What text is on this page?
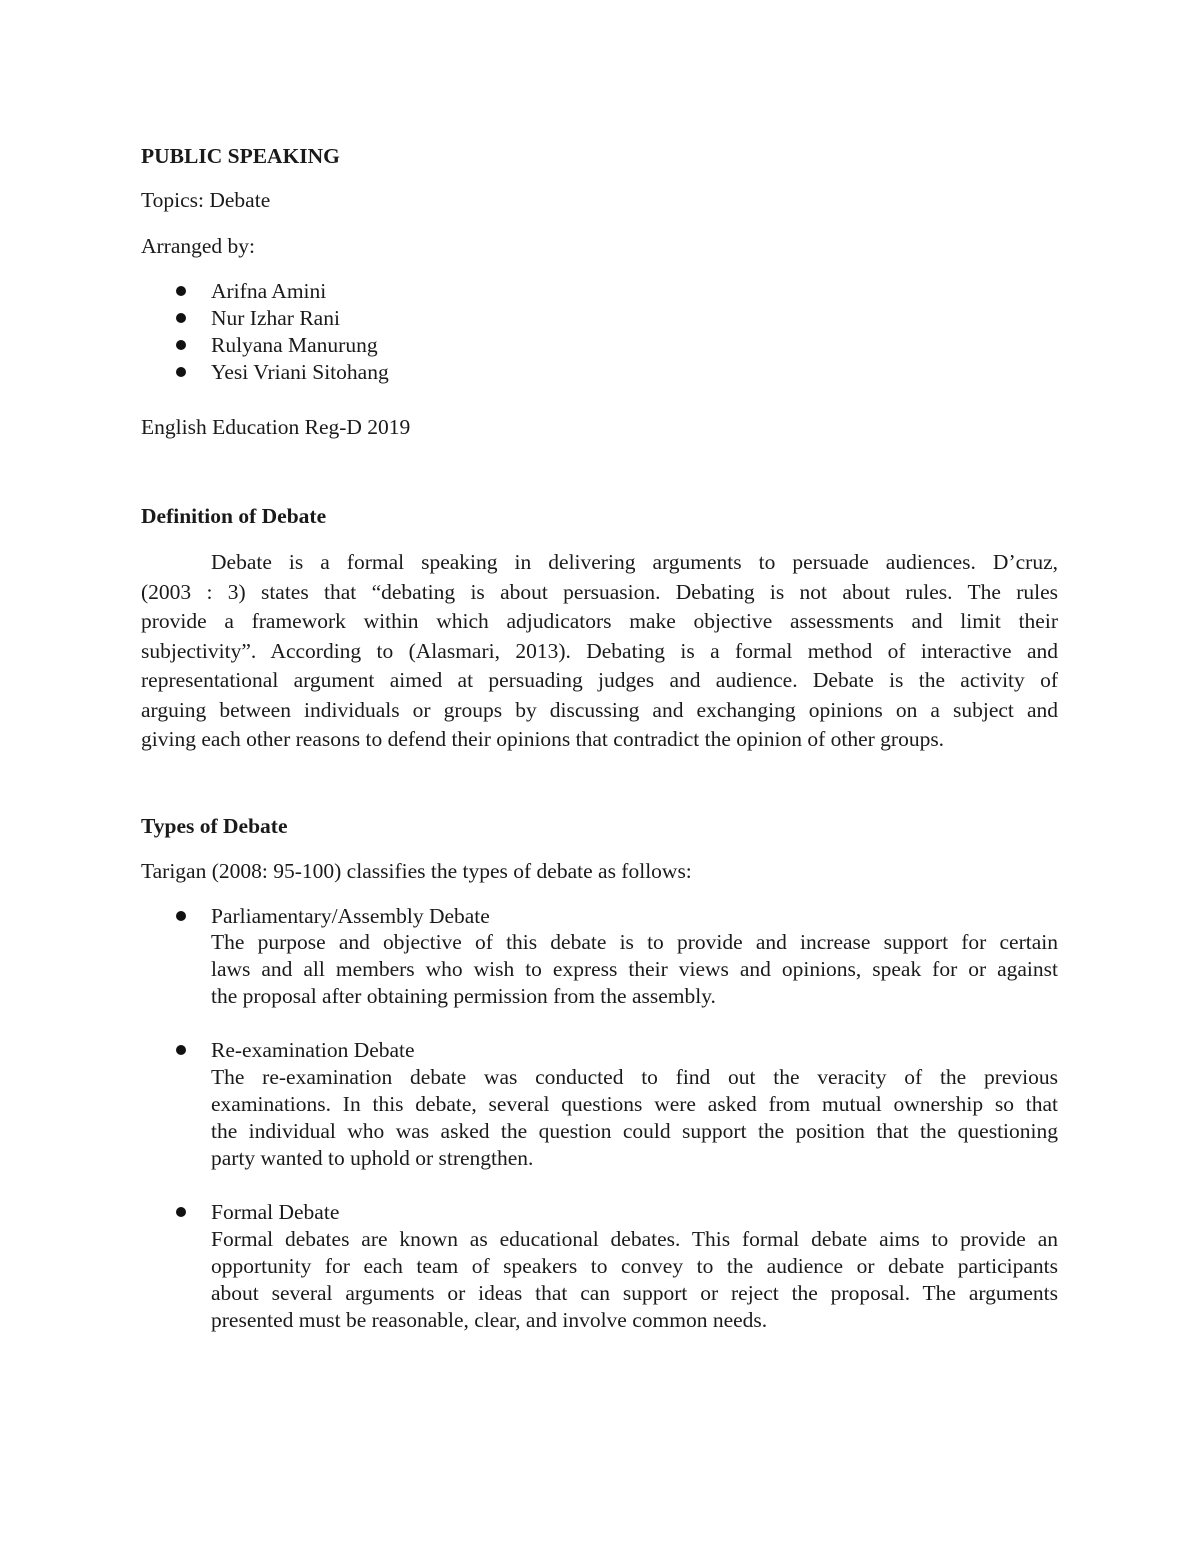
PUBLIC SPEAKING

Topics: Debate

Arranged by:

Arifna Amini

Nur Izhar Rani

Rulyana Manurung

Yesi Vriani Sitohang

English Education Reg-D 2019

Definition of Debate

Debate is a formal speaking in delivering arguments to persuade audiences. D’cruz,
(2003 : 3) states that “debating is about persuasion. Debating is not about rules. The rules
provide a framework within which adjudicators make objective assessments and limit their
subjectivity”. According to (Alasmari, 2013). Debating is a formal method of interactive and
representational argument aimed at persuading judges and audience. Debate is the activity of
arguing between individuals or groups by discussing and exchanging opinions on a subject and
giving each other reasons to defend their opinions that contradict the opinion of other groups.

Types of Debate

Tarigan (2008: 95-100) classifies the types of debate as follows:

Parliamentary/Assembly Debate

The purpose and objective of this debate is to provide and increase support for certain
laws and all members who wish to express their views and opinions, speak for or against
the proposal after obtaining permission from the assembly.

Re-examination Debate

The re-examination debate was conducted to find out the veracity of the previous
examinations. In this debate, several questions were asked from mutual ownership so that
the individual who was asked the question could support the position that the questioning
party wanted to uphold or strengthen.

Formal Debate

Formal debates are known as educational debates. This formal debate aims to provide an
opportunity for each team of speakers to convey to the audience or debate participants
about several arguments or ideas that can support or reject the proposal. The arguments
presented must be reasonable, clear, and involve common needs.
